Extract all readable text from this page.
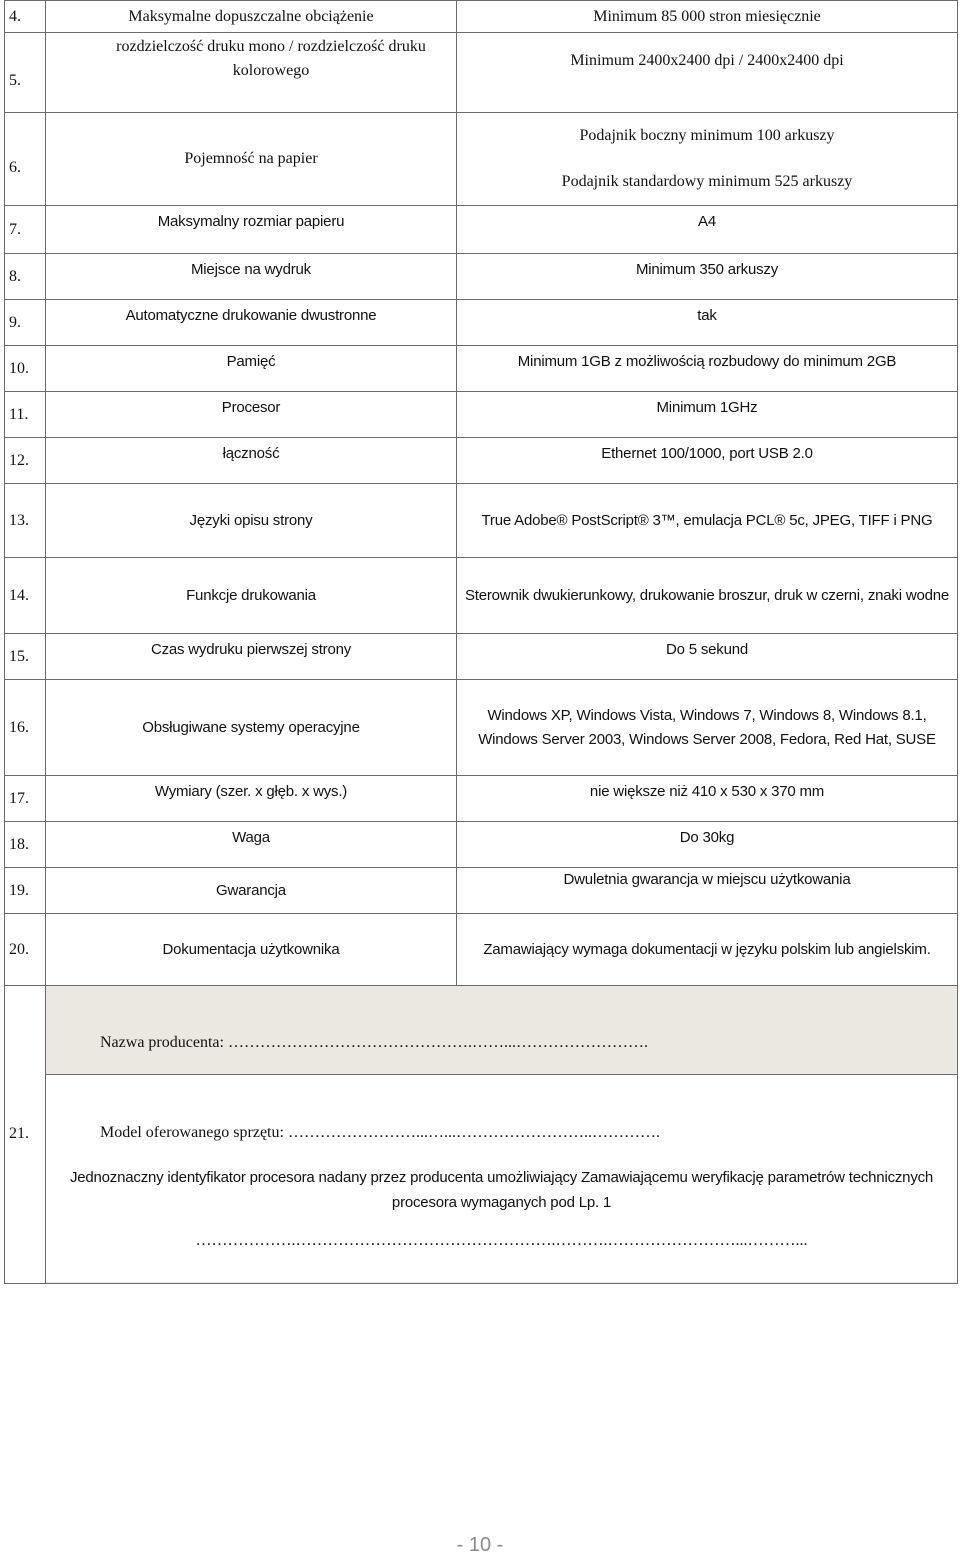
4.	Maksymalne dopuszczalne obciążenie	Minimum 85 000 stron miesięcznie
5.	rozdzielczość druku mono / rozdzielczość druku kolorowego	Minimum 2400x2400 dpi / 2400x2400 dpi
6.	Pojemność na papier	Podajnik boczny minimum 100 arkuszy
Podajnik standardowy minimum 525 arkuszy

7.	Maksymalny rozmiar papieru	A4
8.	Miejsce na wydruk	Minimum 350 arkuszy
9.	Automatyczne drukowanie dwustronne	tak
10.	Pamięć	Minimum 1GB z możliwością rozbudowy do minimum 2GB
11.	Procesor	Minimum 1GHz
12.	łączność	Ethernet 100/1000, port USB 2.0
13.	Języki opisu strony	True Adobe® PostScript® 3™, emulacja PCL® 5c, JPEG, TIFF i PNG
14.	Funkcje drukowania	Sterownik dwukierunkowy, drukowanie broszur, druk w czerni, znaki wodne
15.	Czas wydruku pierwszej strony	Do 5 sekund
16.	Obsługiwane systemy operacyjne	Windows XP, Windows Vista, Windows 7, Windows 8, Windows 8.1, Windows Server 2003, Windows Server 2008, Fedora, Red Hat, SUSE
17.	Wymiary (szer. x głęb. x wys.)	nie większe niż 410 x 530 x 370 mm
18.	Waga	Do 30kg
19.	Gwarancja	Dwuletnia gwarancja w miejscu użytkowania
20.	Dokumentacja użytkownika	Zamawiający wymaga dokumentacji w języku polskim lub angielskim.
21.	Nazwa producenta: ……………………………………….……...…………………….
Model oferowanego sprzętu: ……………………...…...……………………..………….
Jednoznaczny identyfikator procesora nadany przez producenta umożliwiający Zamawiającemu weryfikację parametrów technicznych procesora wymaganych pod Lp. 1
……………….………………………………………….……….……………………...………...	
- 10 -
